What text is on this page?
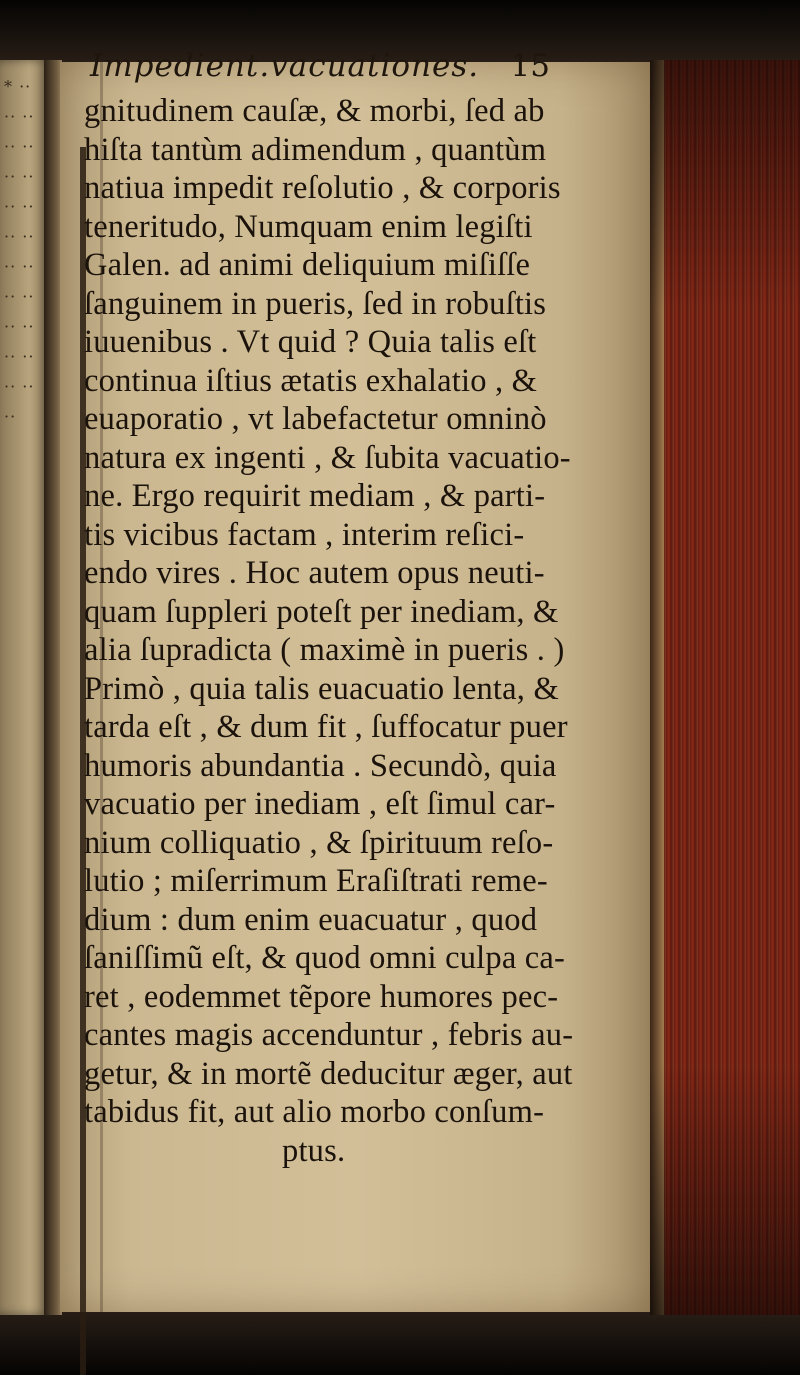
* ·· ·· ·· ·· ·· ·· ·· ·· ·· ·· ·· ·· ·· ·· ·· ·· ·· ·· ·· ·· ·· ··
Impedient.vacuationes. 15
gnitudinem cauſæ, & morbi, ſed ab
hiſta tantùm adimendum , quantùm
natiua impedit reſolutio , & corporis
teneritudo, Numquam enim legiſti
Galen. ad animi deliquium miſiſſe
ſanguinem in pueris, ſed in robuſtis
iuuenibus . Vt quid ? Quia talis eſt
continua iſtius ætatis exhalatio , &
euaporatio , vt labefactetur omninò
natura ex ingenti , & ſubita vacuatio-
ne. Ergo requirit mediam , & parti-
tis vicibus factam , interim reſici-
endo vires . Hoc autem opus neuti-
quam ſuppleri poteſt per inediam, &
alia ſupradicta ( maximè in pueris . )
Primò , quia talis euacuatio lenta, &
tarda eſt , & dum fit , ſuffocatur puer
humoris abundantia . Secundò, quia
vacuatio per inediam , eſt ſimul car-
nium colliquatio , & ſpirituum reſo-
lutio ; miſerrimum Eraſiſtrati reme-
dium : dum enim euacuatur , quod
ſaniſſimũ eſt, & quod omni culpa ca-
ret , eodemmet tẽpore humores pec-
cantes magis accenduntur , febris au-
getur, & in mortẽ deducitur æger, aut
tabidus fit, aut alio morbo conſum-
ptus.
